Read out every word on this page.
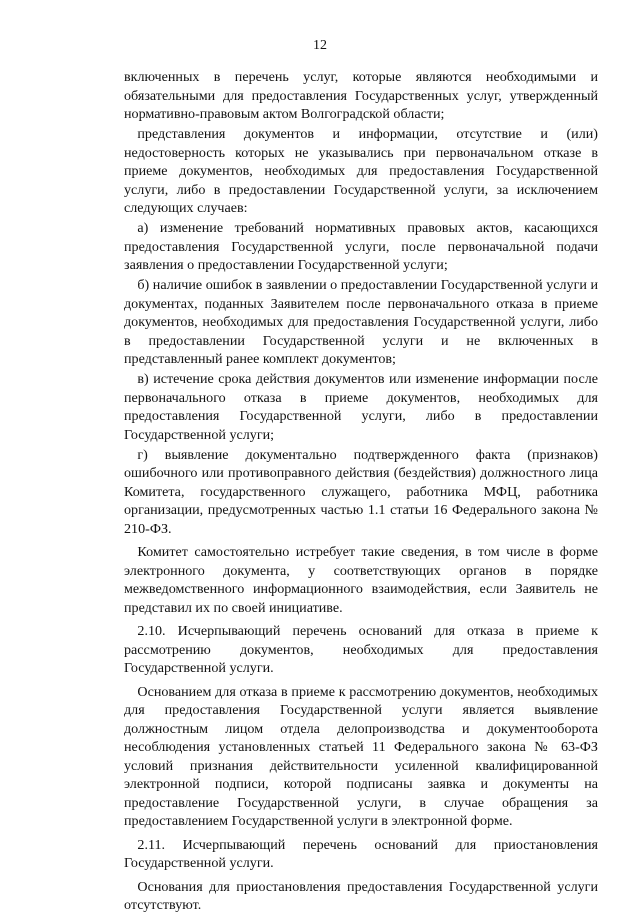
12

включенных в перечень услуг, которые являются необходимыми и обязательными для предоставления Государственных услуг, утвержденный нормативно-правовым актом Волгоградской области;

представления документов и информации, отсутствие и (или) недостоверность которых не указывались при первоначальном отказе в приеме документов, необходимых для предоставления Государственной услуги, либо в предоставлении Государственной услуги, за исключением следующих случаев:

а) изменение требований нормативных правовых актов, касающихся предоставления Государственной услуги, после первоначальной подачи заявления о предоставлении Государственной услуги;

б) наличие ошибок в заявлении о предоставлении Государственной услуги и документах, поданных Заявителем после первоначального отказа в приеме документов, необходимых для предоставления Государственной услуги, либо в предоставлении Государственной услуги и не включенных в представленный ранее комплект документов;

в) истечение срока действия документов или изменение информации после первоначального отказа в приеме документов, необходимых для предоставления Государственной услуги, либо в предоставлении Государственной услуги;

г) выявление документально подтвержденного факта (признаков) ошибочного или противоправного действия (бездействия) должностного лица Комитета, государственного служащего, работника МФЦ, работника организации, предусмотренных частью 1.1 статьи 16 Федерального закона № 210-ФЗ.

Комитет самостоятельно истребует такие сведения, в том числе в форме электронного документа, у соответствующих органов в порядке межведомственного информационного взаимодействия, если Заявитель не представил их по своей инициативе.

2.10. Исчерпывающий перечень оснований для отказа в приеме к рассмотрению документов, необходимых для предоставления Государственной услуги.

Основанием для отказа в приеме к рассмотрению документов, необходимых для предоставления Государственной услуги является выявление должностным лицом отдела делопроизводства и документооборота несоблюдения установленных статьей 11 Федерального закона № 63-ФЗ условий признания действительности усиленной квалифицированной электронной подписи, которой подписаны заявка и документы на предоставление Государственной услуги, в случае обращения за предоставлением Государственной услуги в электронной форме.

2.11. Исчерпывающий перечень оснований для приостановления Государственной услуги.

Основания для приостановления предоставления Государственной услуги отсутствуют.
